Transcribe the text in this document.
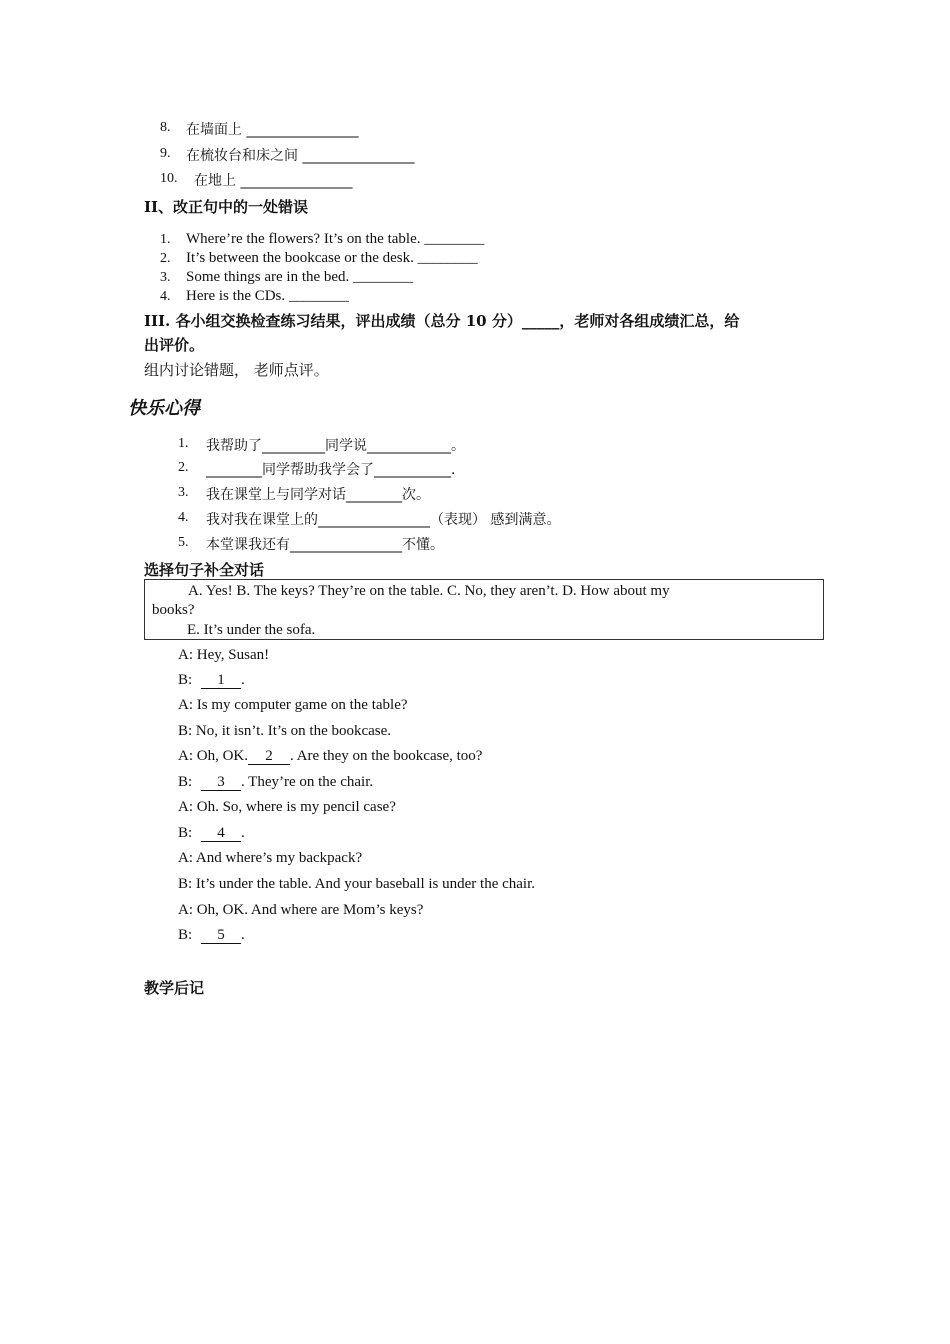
8. 在墙面上 ________________
9. 在梳妆台和床之间 ________________
10. 在地上 ________________
II、改正句中的一处错误
1. Where’re the flowers? It’s on the table. ________
2. It’s between the bookcase or the desk. ________
3. Some things are in the bed. ________
4. Here is the CDs. ________
III. 各小组交换检查练习结果，评出成绩（总分 10 分）_____，老师对各组成绩汇总，给
出评价。
组内讨论错题， 老师点评。
快乐心得
1. 我帮助了_________同学说____________。
2. ________同学帮助我学会了___________.
3. 我在课堂上与同学对话________次。
4. 我对我在课堂上的________________（表现） 感到满意。
5. 本堂课我还有________________不懂。
选择句子补全对话
A. Yes! B. The keys? They’re on the table. C. No, they aren’t. D. How about my
books?
E. It’s under the sofa.
A: Hey, Susan!
B: 1 .
A: Is my computer game on the table?
B: No, it isn’t. It’s on the bookcase.
A: Oh, OK. 2 . Are they on the bookcase, too?
B: 3 . They’re on the chair.
A: Oh. So, where is my pencil case?
B: 4 .
A: And where’s my backpack?
B: It’s under the table. And your baseball is under the chair.
A: Oh, OK. And where are Mom’s keys?
B: 5 .
教学后记
